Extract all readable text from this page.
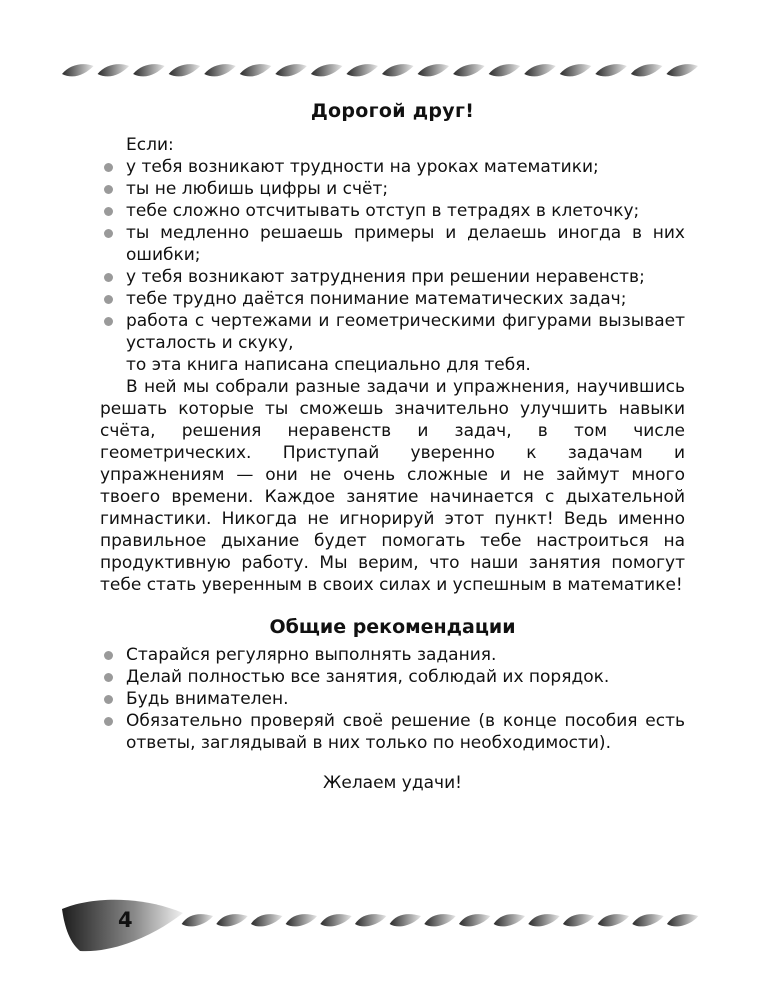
Дорогой друг!

Если:

у тебя возникают трудности на уроках математики;
ты не любишь цифры и счёт;
тебе сложно отсчитывать отступ в тетрадях в клеточку;
ты медленно решаешь примеры и делаешь иногда в них ошибки;
у тебя возникают затруднения при решении неравенств;
тебе трудно даётся понимание математических задач;
работа с чертежами и геометрическими фигурами вызывает усталость и скуку,

то эта книга написана специально для тебя.

В ней мы собрали разные задачи и упражнения, научившись решать которые ты сможешь значительно улучшить навыки счёта, решения неравенств и задач, в том числе геометрических. Приступай уверенно к задачам и упражнениям — они не очень сложные и не займут много твоего времени. Каждое занятие начинается с дыхательной гимнастики. Никогда не игнорируй этот пункт! Ведь именно правильное дыхание будет помогать тебе настроиться на продуктивную работу. Мы верим, что наши занятия помогут тебе стать уверенным в своих силах и успешным в математике!

Общие рекомендации
Старайся регулярно выполнять задания.
Делай полностью все занятия, соблюдай их порядок.
Будь внимателен.
Обязательно проверяй своё решение (в конце пособия есть ответы, заглядывай в них только по необходимости).

Желаем удачи!

4
